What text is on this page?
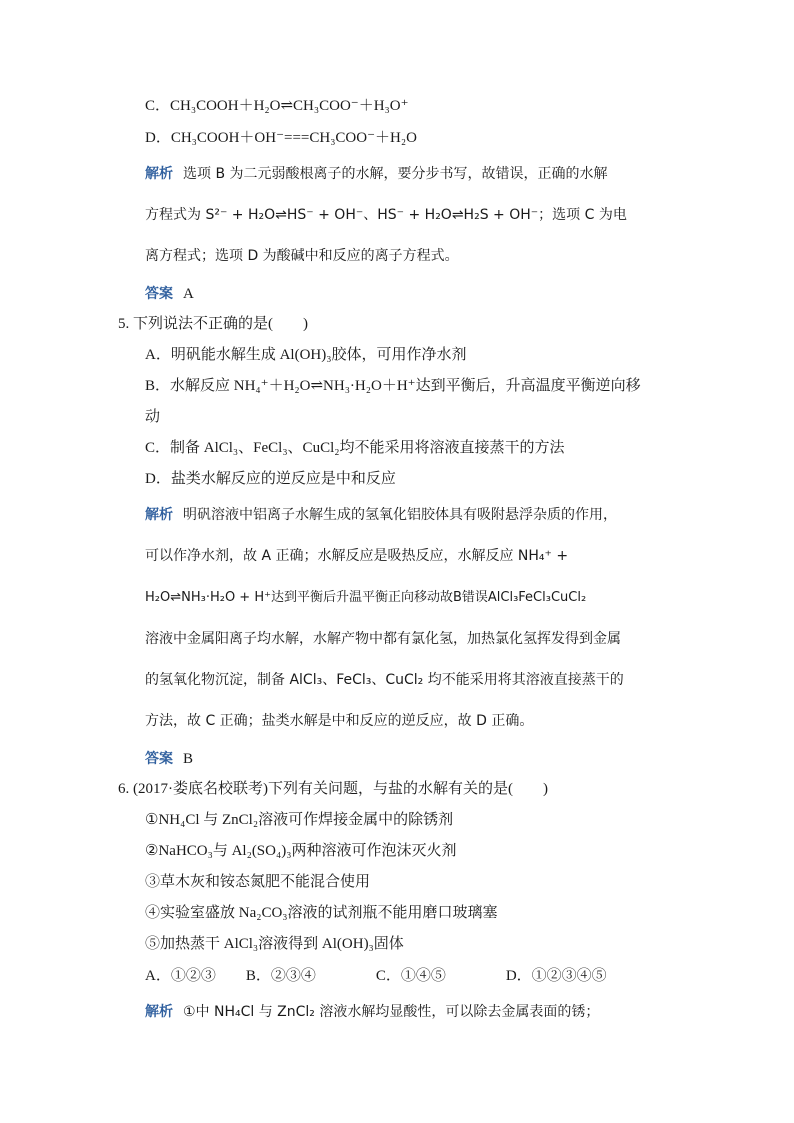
C．CH₃COOH＋H₂O⇌CH₃COO⁻＋H₃O⁺
D．CH₃COOH＋OH⁻===CH₃COO⁻＋H₂O
解析 选项 B 为二元弱酸根离子的水解，要分步书写，故错误，正确的水解
方程式为 S²⁻ + H₂O⇌HS⁻ + OH⁻、HS⁻ + H₂O⇌H₂S + OH⁻；选项 C 为电
离方程式；选项 D 为酸碱中和反应的离子方程式。
答案 A
5. 下列说法不正确的是(　　)
A．明矾能水解生成 Al(OH)₃胶体，可用作净水剂
B．水解反应 NH₄⁺＋H₂O⇌NH₃·H₂O＋H⁺达到平衡后，升高温度平衡逆向移
动
C．制备 AlCl₃、FeCl₃、CuCl₂均不能采用将溶液直接蒸干的方法
D．盐类水解反应的逆反应是中和反应
解析 明矾溶液中铝离子水解生成的氢氧化铝胶体具有吸附悬浮杂质的作用，
可以作净水剂，故 A 正确；水解反应是吸热反应，水解反应 NH₄⁺ +
H₂O⇌NH₃·H₂O + H⁺达到平衡后升温平衡正向移动故B错误AlCl₃FeCl₃CuCl₂
溶液中金属阳离子均水解，水解产物中都有氯化氢，加热氯化氢挥发得到金属
的氢氧化物沉淀，制备 AlCl₃、FeCl₃、CuCl₂ 均不能采用将其溶液直接蒸干的
方法，故 C 正确；盐类水解是中和反应的逆反应，故 D 正确。
答案 B
6. (2017·娄底名校联考)下列有关问题，与盐的水解有关的是(　　)
①NH₄Cl 与 ZnCl₂溶液可作焊接金属中的除锈剂
②NaHCO₃与 Al₂(SO₄)₃两种溶液可作泡沫灭火剂
③草木灰和铵态氮肥不能混合使用
④实验室盛放 Na₂CO₃溶液的试剂瓶不能用磨口玻璃塞
⑤加热蒸干 AlCl₃溶液得到 Al(OH)₃固体
A．①②③　　B．②③④　　　　C．①④⑤　　　　D．①②③④⑤
解析 ①中 NH₄Cl 与 ZnCl₂ 溶液水解均显酸性，可以除去金属表面的锈；
